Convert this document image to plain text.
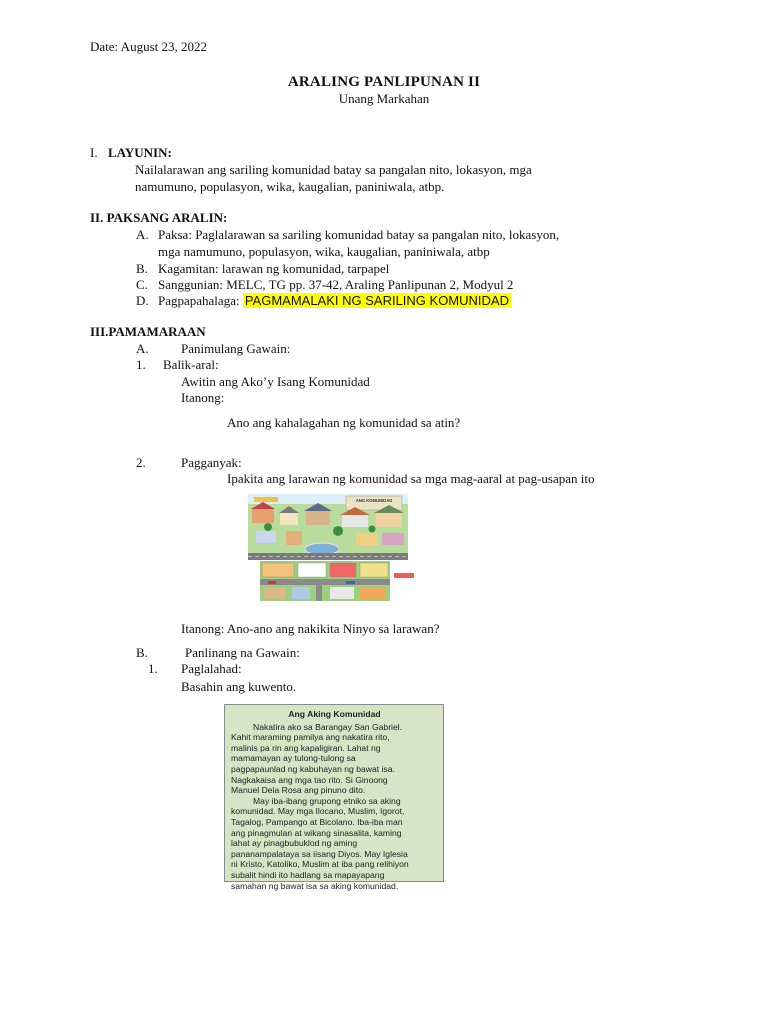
Date: August 23, 2022
ARALING PANLIPUNAN II
Unang Markahan
I. LAYUNIN:
Nailalarawan ang sariling komunidad batay sa pangalan nito, lokasyon, mga
namumuno, populasyon, wika, kaugalian, paniniwala, atbp.
II. PAKSANG ARALIN:
A. Paksa: Paglalarawan sa sariling komunidad batay sa pangalan nito, lokasyon,
mga namumuno, populasyon, wika, kaugalian, paniniwala, atbp
B. Kagamitan: larawan ng komunidad, tarpapel
C. Sanggunian: MELC, TG pp. 37-42, Araling Panlipunan 2, Modyul 2
D. Pagpapahalaga: PAGMAMALAKI NG SARILING KOMUNIDAD
III.PAMAMARAAN
A. Panimulang Gawain:
1. Balik-aral:
Awitin ang Ako’y Isang Komunidad
Itanong:
Ano ang kahalagahan ng komunidad sa atin?
2.	Pagganyak:
Ipakita ang larawan ng komunidad sa mga mag-aaral at pag-usapan ito
ANG KOMUNIDAD
Itanong: Ano-ano ang nakikita Ninyo sa larawan?
B.	Panlinang na Gawain:
1. Paglalahad:
Basahin ang kuwento.
Ang Aking Komunidad
Nakatira ako sa Barangay San Gabriel.
Kahit maraming pamilya ang nakatira rito,
malinis pa rin ang kapaligiran. Lahat ng
mamamayan ay tulong-tulong sa
pagpapaunlad ng kabuhayan ng bawat isa.
Nagkakaisa ang mga tao rito. Si Ginoong
Manuel Dela Rosa ang pinuno dito.
May iba-ibang grupong etniko sa aking
komunidad. May mga Ilocano, Muslim, Igorot,
Tagalog, Pampango at Bicolano. Iba-iba man
ang pinagmulan at wikang sinasalita, kaming
lahat ay pinagbubuklod ng aming
pananampalataya sa iisang Diyos. May Iglesia
ni Kristo, Katoliko, Muslim at iba pang relihiyon
subalit hindi ito hadlang sa mapayapang
samahan ng bawat isa sa aking komunidad.
